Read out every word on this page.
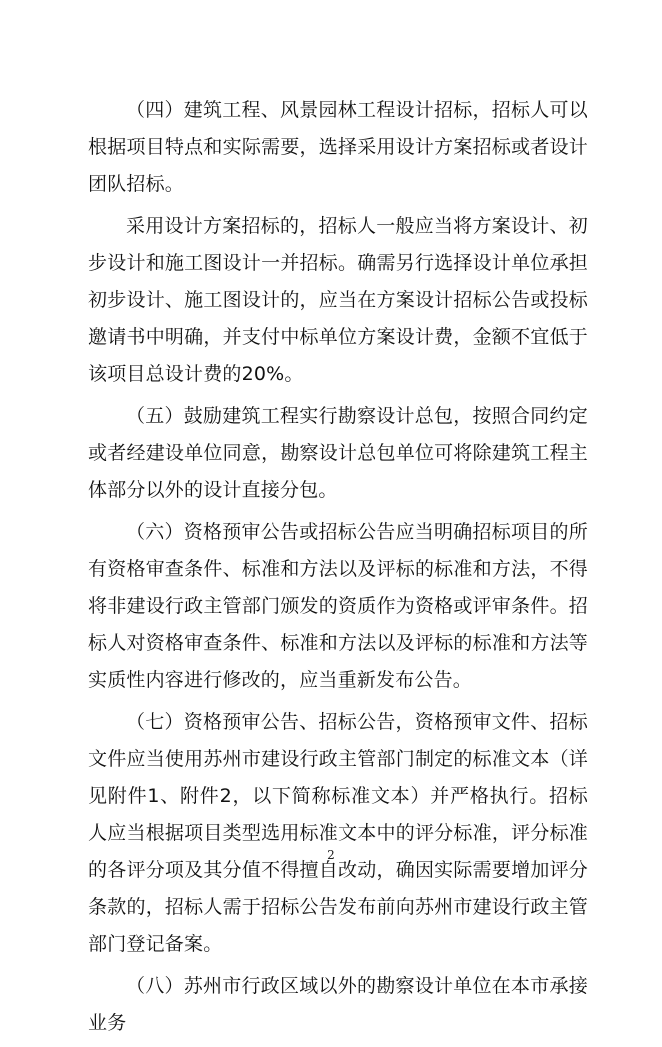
（四）建筑工程、风景园林工程设计招标，招标人可以根据项目特点和实际需要，选择采用设计方案招标或者设计团队招标。

采用设计方案招标的，招标人一般应当将方案设计、初步设计和施工图设计一并招标。确需另行选择设计单位承担初步设计、施工图设计的，应当在方案设计招标公告或投标邀请书中明确，并支付中标单位方案设计费，金额不宜低于该项目总设计费的20%。

（五）鼓励建筑工程实行勘察设计总包，按照合同约定或者经建设单位同意，勘察设计总包单位可将除建筑工程主体部分以外的设计直接分包。

（六）资格预审公告或招标公告应当明确招标项目的所有资格审查条件、标准和方法以及评标的标准和方法，不得将非建设行政主管部门颁发的资质作为资格或评审条件。招标人对资格审查条件、标准和方法以及评标的标准和方法等实质性内容进行修改的，应当重新发布公告。

（七）资格预审公告、招标公告，资格预审文件、招标文件应当使用苏州市建设行政主管部门制定的标准文本（详见附件1、附件2，以下简称标准文本）并严格执行。招标人应当根据项目类型选用标准文本中的评分标准，评分标准的各评分项及其分值不得擅自改动，确因实际需要增加评分条款的，招标人需于招标公告发布前向苏州市建设行政主管部门登记备案。

（八）苏州市行政区域以外的勘察设计单位在本市承接业务

2
